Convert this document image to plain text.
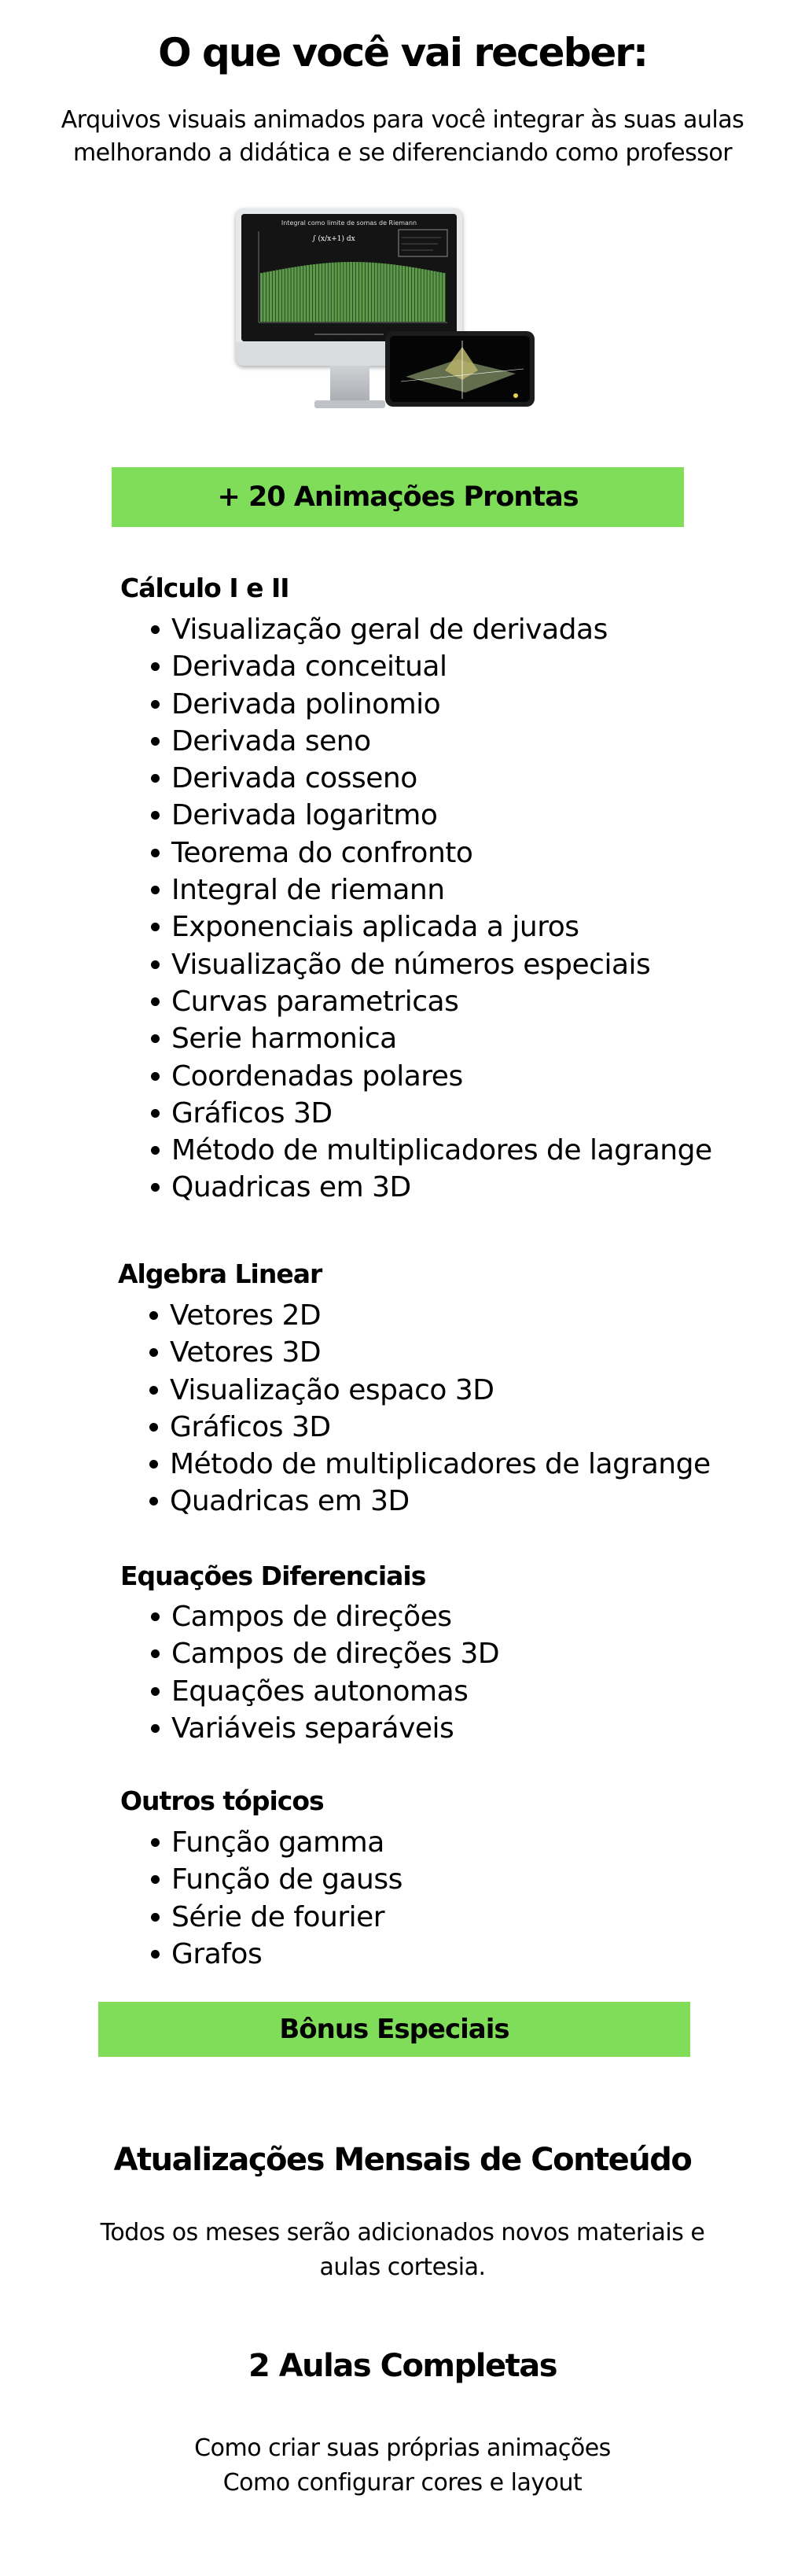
O que você vai receber:
Arquivos visuais animados para você integrar às suas aulas
melhorando a didática e se diferenciando como professor
Integral como limite de somas de Riemann
∫ (x/x+1) dx
▁▁▁▁▁▁▁▁▁▁▁▁▁▁▁▁▁▁▁
+ 20 Animações Prontas
Cálculo I e II
Visualização geral de derivadas
Derivada conceitual
Derivada polinomio
Derivada seno
Derivada cosseno
Derivada logaritmo
Teorema do confronto
Integral de riemann
Exponenciais aplicada a juros
Visualização de números especiais
Curvas parametricas
Serie harmonica
Coordenadas polares
Gráficos 3D
Método de multiplicadores de lagrange
Quadricas em 3D
Algebra Linear
Vetores 2D
Vetores 3D
Visualização espaco 3D
Gráficos 3D
Método de multiplicadores de lagrange
Quadricas em 3D
Equações Diferenciais
Campos de direções
Campos de direções 3D
Equações autonomas
Variáveis separáveis
Outros tópicos
Função gamma
Função de gauss
Série de fourier
Grafos
Bônus Especiais
Atualizações Mensais de Conteúdo
Todos os meses serão adicionados novos materiais e
aulas cortesia.
2 Aulas Completas
Como criar suas próprias animações
Como configurar cores e layout
